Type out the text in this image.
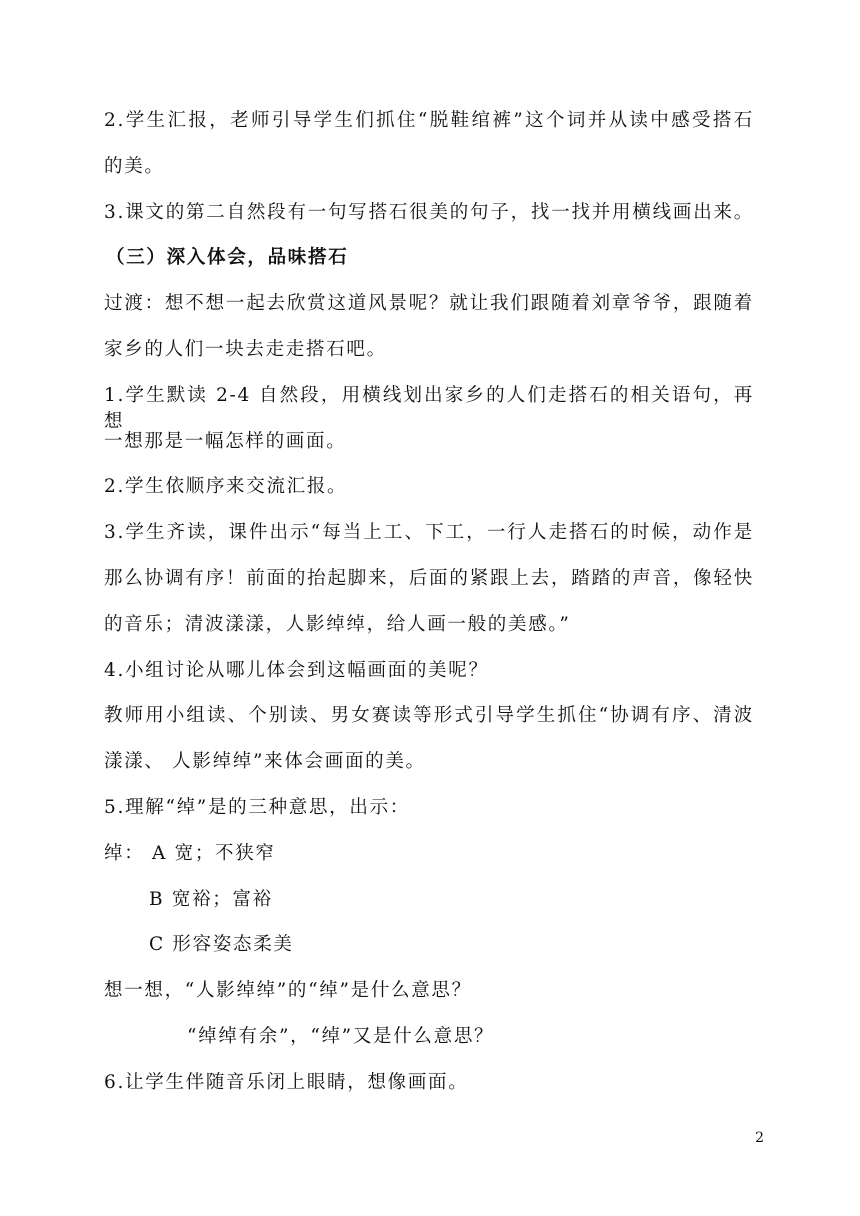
2.学生汇报，老师引导学生们抓住“脱鞋绾裤”这个词并从读中感受搭石
的美。
3.课文的第二自然段有一句写搭石很美的句子，找一找并用横线画出来。
（三）深入体会，品味搭石
过渡：想不想一起去欣赏这道风景呢？就让我们跟随着刘章爷爷，跟随着
家乡的人们一块去走走搭石吧。
1.学生默读 2-4 自然段，用横线划出家乡的人们走搭石的相关语句，再想
一想那是一幅怎样的画面。
2.学生依顺序来交流汇报。
3.学生齐读，课件出示“每当上工、下工，一行人走搭石的时候，动作是
那么协调有序！前面的抬起脚来，后面的紧跟上去，踏踏的声音，像轻快
的音乐；清波漾漾，人影绰绰，给人画一般的美感。”
4.小组讨论从哪儿体会到这幅画面的美呢？
教师用小组读、个别读、男女赛读等形式引导学生抓住“协调有序、清波
漾漾、 人影绰绰”来体会画面的美。
5.理解“绰”是的三种意思，出示：
绰： A 宽；不狭窄
B 宽裕；富裕
C 形容姿态柔美
想一想，“人影绰绰”的“绰”是什么意思？
“绰绰有余”，“绰”又是什么意思？
6.让学生伴随音乐闭上眼睛，想像画面。
2
